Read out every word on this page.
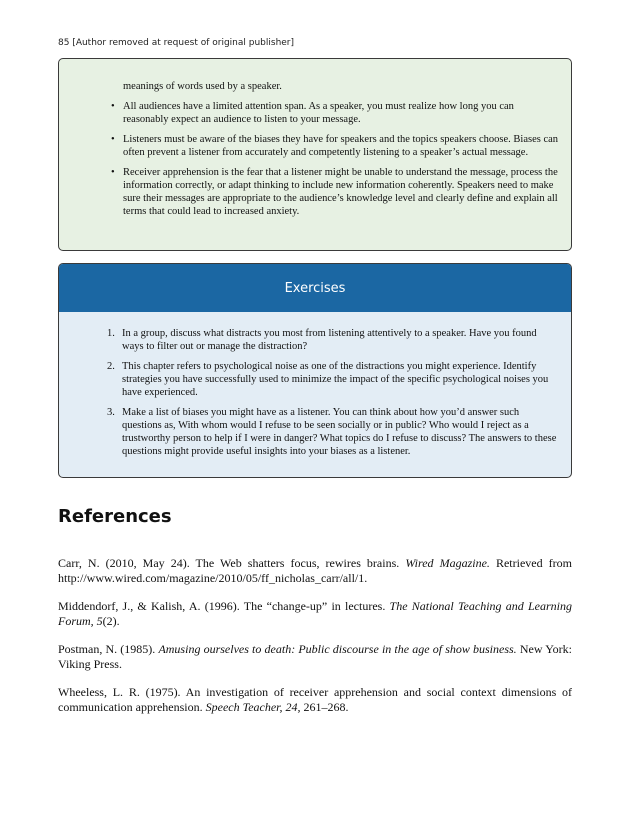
85 [Author removed at request of original publisher]

meanings of words used by a speaker.

• All audiences have a limited attention span. As a speaker, you must realize how long you can reasonably expect an audience to listen to your message.
• Listeners must be aware of the biases they have for speakers and the topics speakers choose. Biases can often prevent a listener from accurately and competently listening to a speaker’s actual message.
• Receiver apprehension is the fear that a listener might be unable to understand the message, process the information correctly, or adapt thinking to include new information coherently. Speakers need to make sure their messages are appropriate to the audience’s knowledge level and clearly define and explain all terms that could lead to increased anxiety.
Exercises
1. In a group, discuss what distracts you most from listening attentively to a speaker. Have you found ways to filter out or manage the distraction?
2. This chapter refers to psychological noise as one of the distractions you might experience. Identify strategies you have successfully used to minimize the impact of the specific psychological noises you have experienced.
3. Make a list of biases you might have as a listener. You can think about how you’d answer such questions as, With whom would I refuse to be seen socially or in public? Who would I reject as a trustworthy person to help if I were in danger? What topics do I refuse to discuss? The answers to these questions might provide useful insights into your biases as a listener.
References

Carr, N. (2010, May 24). The Web shatters focus, rewires brains. Wired Magazine. Retrieved from http://www.wired.com/magazine/2010/05/ff_nicholas_carr/all/1.

Middendorf, J., & Kalish, A. (1996). The “change-up” in lectures. The National Teaching and Learning Forum, 5(2).

Postman, N. (1985). Amusing ourselves to death: Public discourse in the age of show business. New York: Viking Press.

Wheeless, L. R. (1975). An investigation of receiver apprehension and social context dimensions of communication apprehension. Speech Teacher, 24, 261–268.
